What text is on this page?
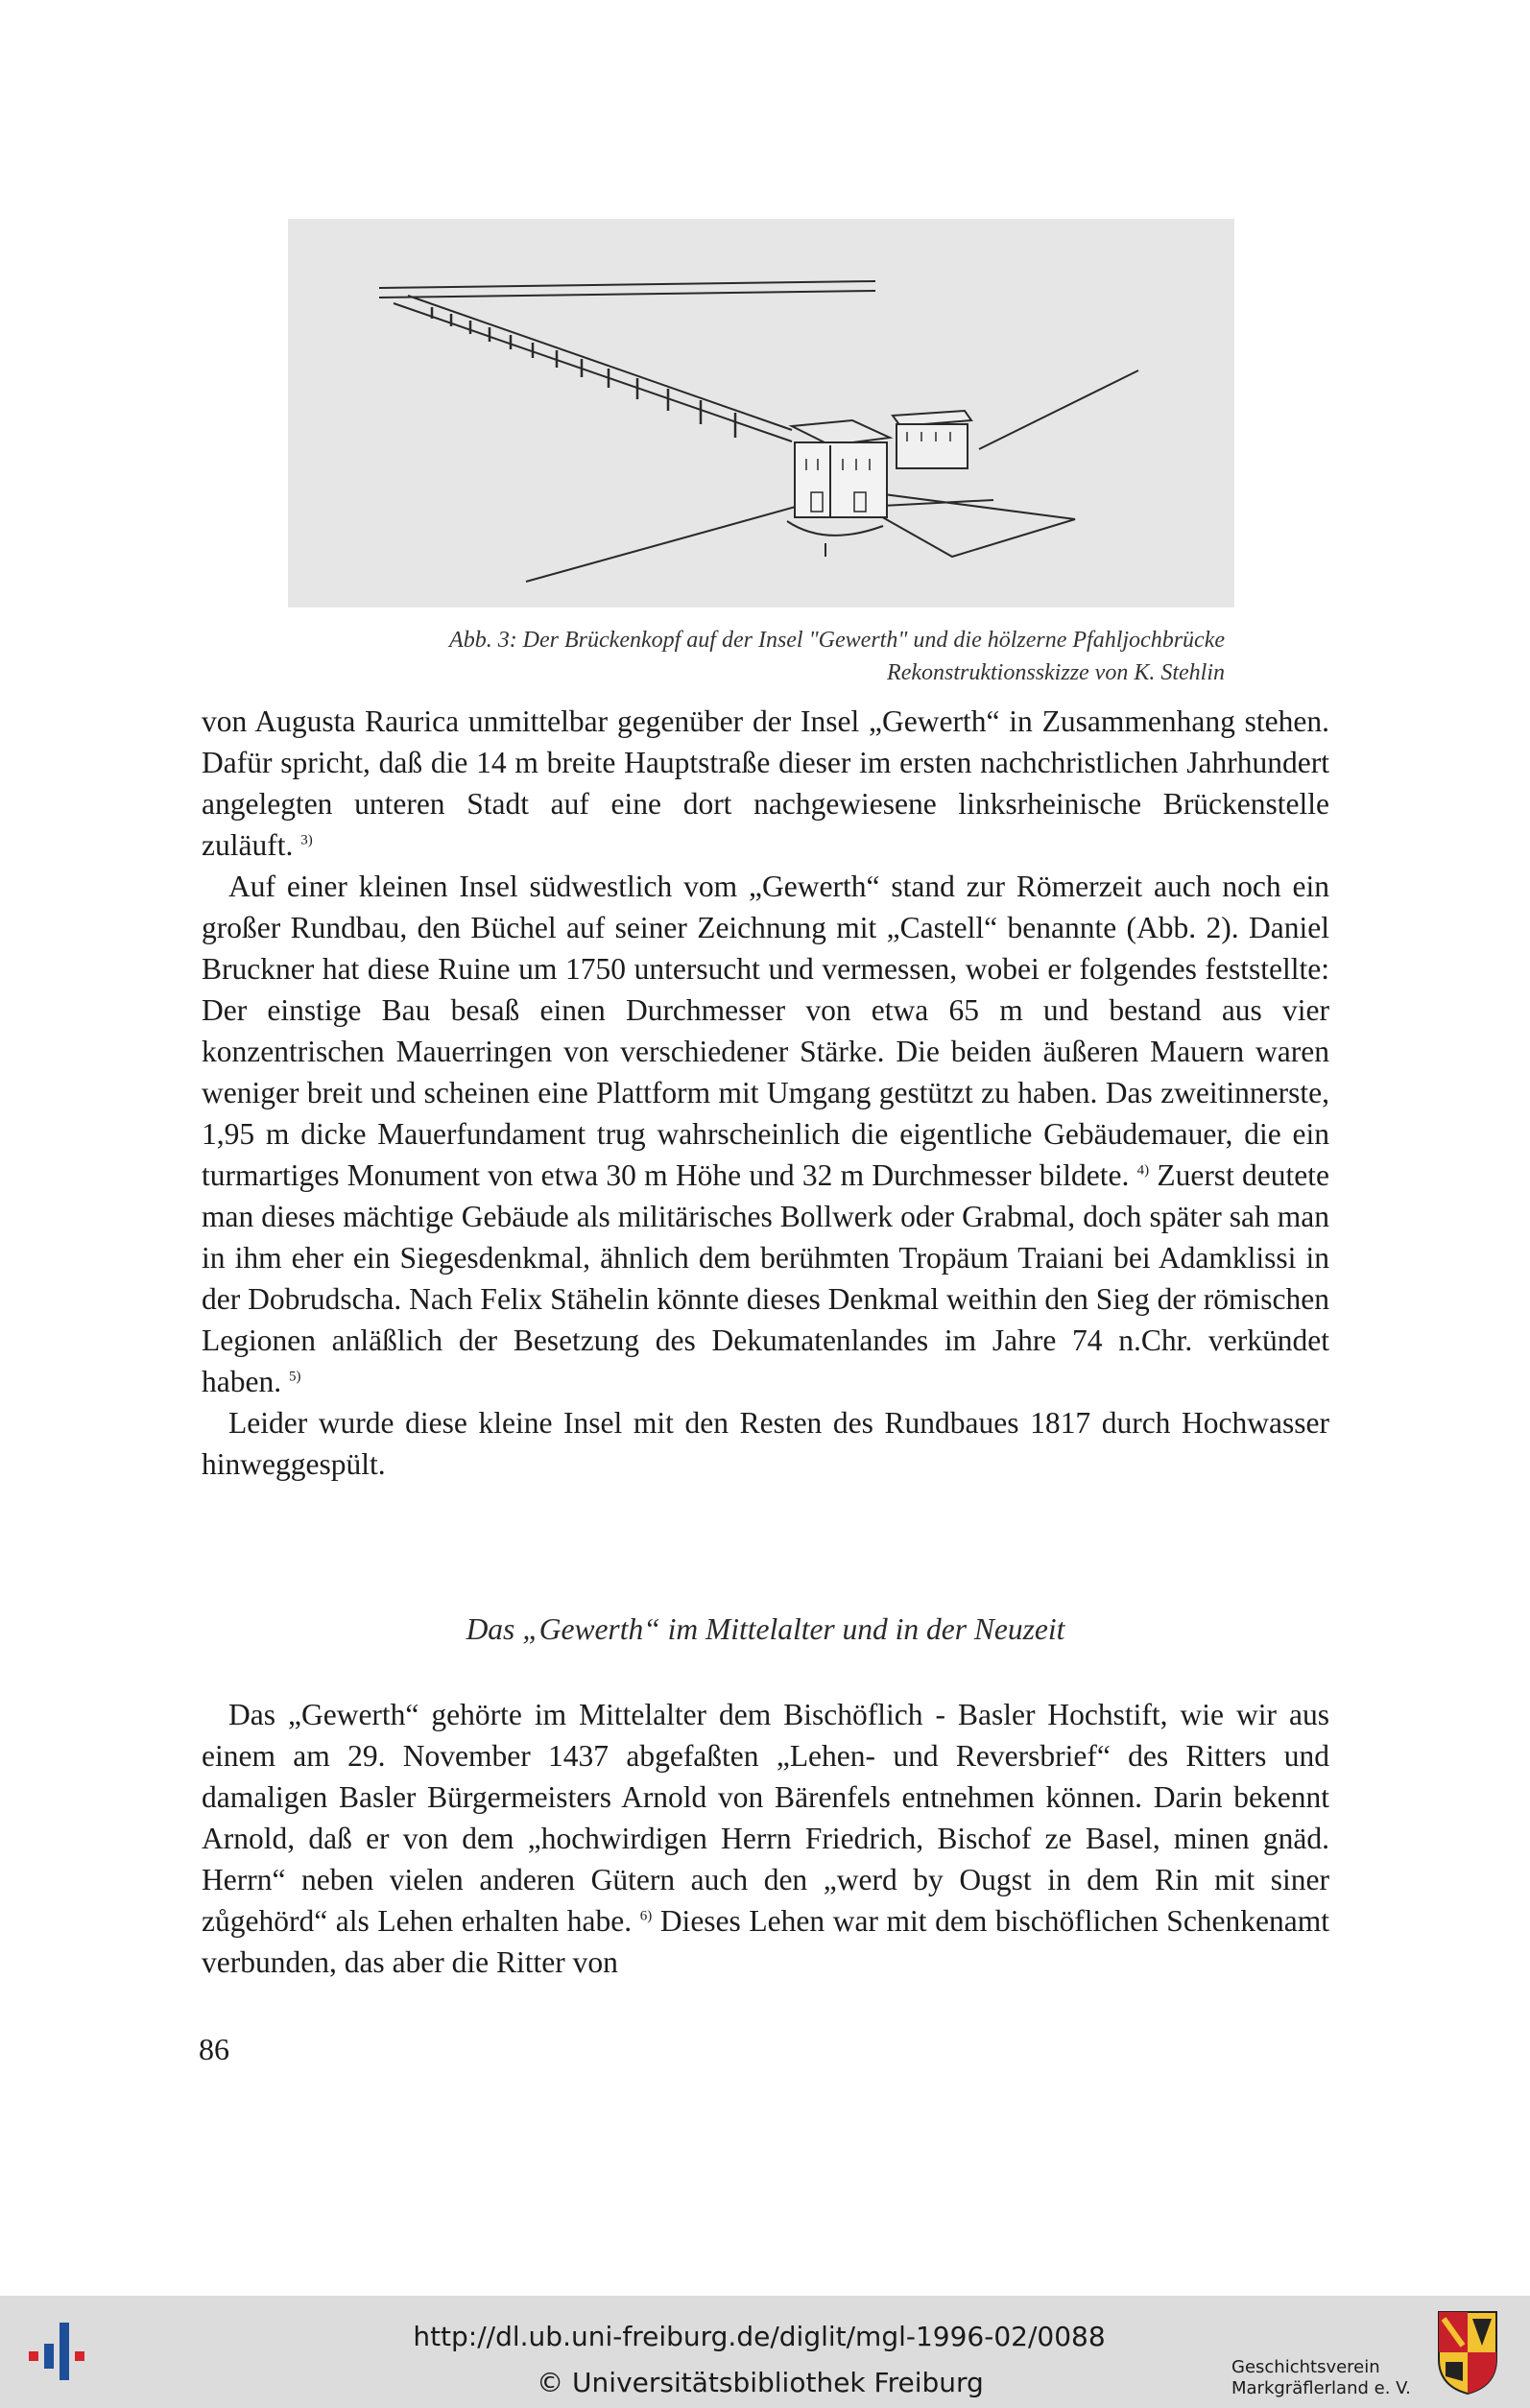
Abb. 3: Der Brückenkopf auf der Insel "Gewerth" und die hölzerne Pfahljochbrücke
Rekonstruktionsskizze von K. Stehlin

von Augusta Raurica unmittelbar gegenüber der Insel „Gewerth“ in Zusammenhang stehen. Dafür spricht, daß die 14 m breite Hauptstraße dieser im ersten nachchristlichen Jahrhundert angelegten unteren Stadt auf eine dort nachgewiesene linksrheinische Brückenstelle zuläuft. $^{3)}$

Auf einer kleinen Insel südwestlich vom „Gewerth“ stand zur Römerzeit auch noch ein großer Rundbau, den Büchel auf seiner Zeichnung mit „Castell“ benannte (Abb. 2). Daniel Bruckner hat diese Ruine um 1750 untersucht und vermessen, wobei er folgendes feststellte: Der einstige Bau besaß einen Durchmesser von etwa 65 m und bestand aus vier konzentrischen Mauerringen von verschiedener Stärke. Die beiden äußeren Mauern waren weniger breit und scheinen eine Plattform mit Umgang gestützt zu haben. Das zweitinnerste, 1,95 m dicke Mauerfundament trug wahrscheinlich die eigentliche Gebäudemauer, die ein turmartiges Monument von etwa 30 m Höhe und 32 m Durchmesser bildete. $^{4)}$ Zuerst deutete man dieses mächtige Gebäude als militärisches Bollwerk oder Grabmal, doch später sah man in ihm eher ein Siegesdenkmal, ähnlich dem berühmten Tropäum Traiani bei Adamklissi in der Dobrudscha. Nach Felix Stähelin könnte dieses Denkmal weithin den Sieg der römischen Legionen anläßlich der Besetzung des Dekumatenlandes im Jahre 74 n.Chr. verkündet haben. $^{5)}$

Leider wurde diese kleine Insel mit den Resten des Rundbaues 1817 durch Hochwasser hinweggespült.

Das „Gewerth“ im Mittelalter und in der Neuzeit

Das „Gewerth“ gehörte im Mittelalter dem Bischöflich - Basler Hochstift, wie wir aus einem am 29. November 1437 abgefaßten „Lehen- und Reversbrief“ des Ritters und damaligen Basler Bürgermeisters Arnold von Bärenfels entnehmen können. Darin bekennt Arnold, daß er von dem „hochwirdigen Herrn Friedrich, Bischof ze Basel, minen gnäd. Herrn“ neben vielen anderen Gütern auch den „werd by Ougst in dem Rin mit siner zůgehörd“ als Lehen erhalten habe. $^{6)}$ Dieses Lehen war mit dem bischöflichen Schenkenamt verbunden, das aber die Ritter von

86
http://dl.ub.uni-freiburg.de/diglit/mgl-1996-02/0088
© Universitätsbibliothek Freiburg	Geschichtsverein
Markgräflerland e. V.
